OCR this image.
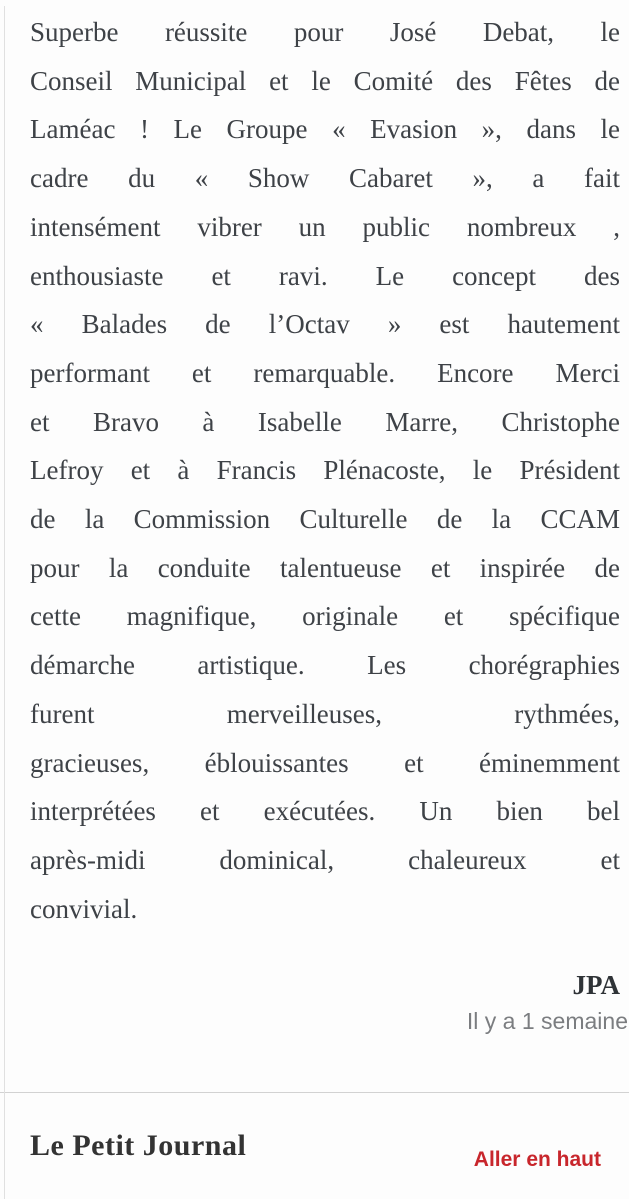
Superbe réussite pour José Debat, le
Conseil Municipal et le Comité des Fêtes de
Laméac ! Le Groupe « Evasion », dans le
cadre du « Show Cabaret », a fait
intensément vibrer un public nombreux ,
enthousiaste et ravi. Le concept des
« Balades de l’Octav » est hautement
performant et remarquable. Encore Merci
et Bravo à Isabelle Marre, Christophe
Lefroy et à Francis Plénacoste, le Président
de la Commission Culturelle de la CCAM
pour la conduite talentueuse et inspirée de
cette magnifique, originale et spécifique
démarche artistique. Les chorégraphies
furent merveilleuses, rythmées,
gracieuses, éblouissantes et éminemment
interprétées et exécutées. Un bien bel
après-midi dominical, chaleureux et
convivial.
JPA
Il y a 1 semaine
Le Petit Journal	Aller en haut
